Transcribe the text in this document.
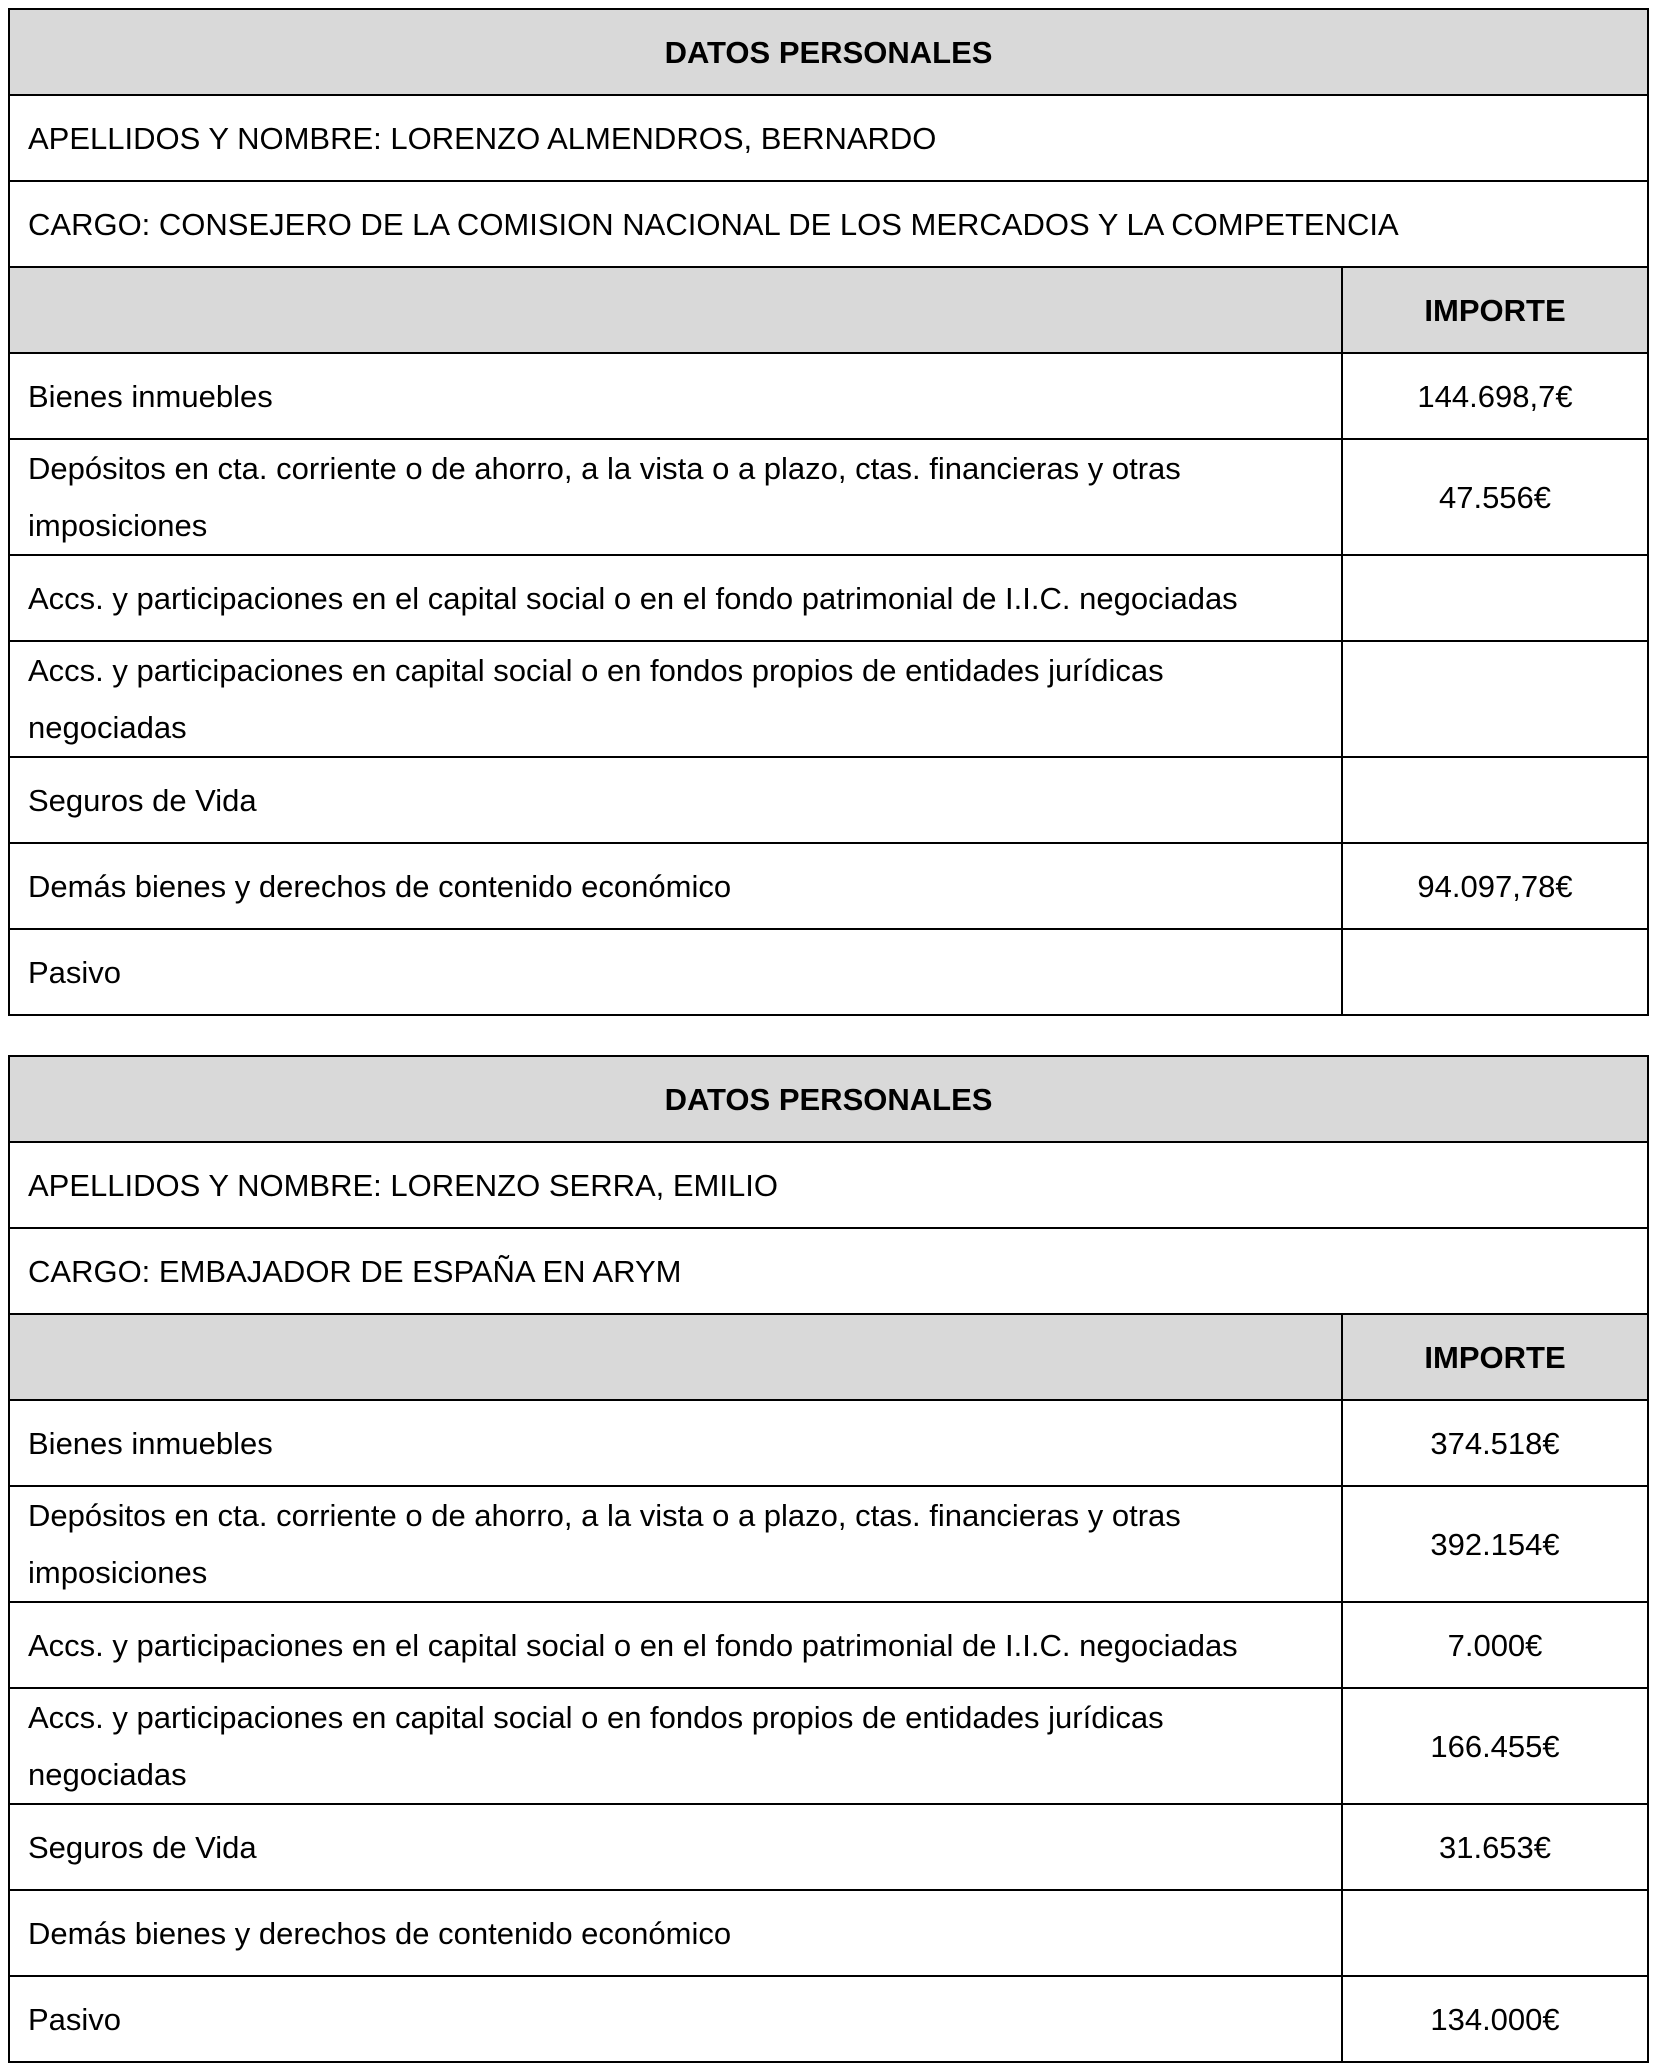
DATOS PERSONALES	
APELLIDOS Y NOMBRE: LORENZO ALMENDROS, BERNARDO	
CARGO: CONSEJERO DE LA COMISION NACIONAL DE LOS MERCADOS Y LA COMPETENCIA	
	IMPORTE
Bienes inmuebles	144.698,7€
Depósitos en cta. corriente o de ahorro, a la vista o a plazo, ctas. financieras y otras imposiciones	47.556€
Accs. y participaciones en el capital social o en el fondo patrimonial de I.I.C. negociadas	
Accs. y participaciones en capital social o en fondos propios de entidades jurídicas negociadas	
Seguros de Vida	
Demás bienes y derechos de contenido económico	94.097,78€
Pasivo	
DATOS PERSONALES	
APELLIDOS Y NOMBRE: LORENZO SERRA, EMILIO	
CARGO: EMBAJADOR DE ESPAÑA EN ARYM	
	IMPORTE
Bienes inmuebles	374.518€
Depósitos en cta. corriente o de ahorro, a la vista o a plazo, ctas. financieras y otras imposiciones	392.154€
Accs. y participaciones en el capital social o en el fondo patrimonial de I.I.C. negociadas	7.000€
Accs. y participaciones en capital social o en fondos propios de entidades jurídicas negociadas	166.455€
Seguros de Vida	31.653€
Demás bienes y derechos de contenido económico	
Pasivo	134.000€
